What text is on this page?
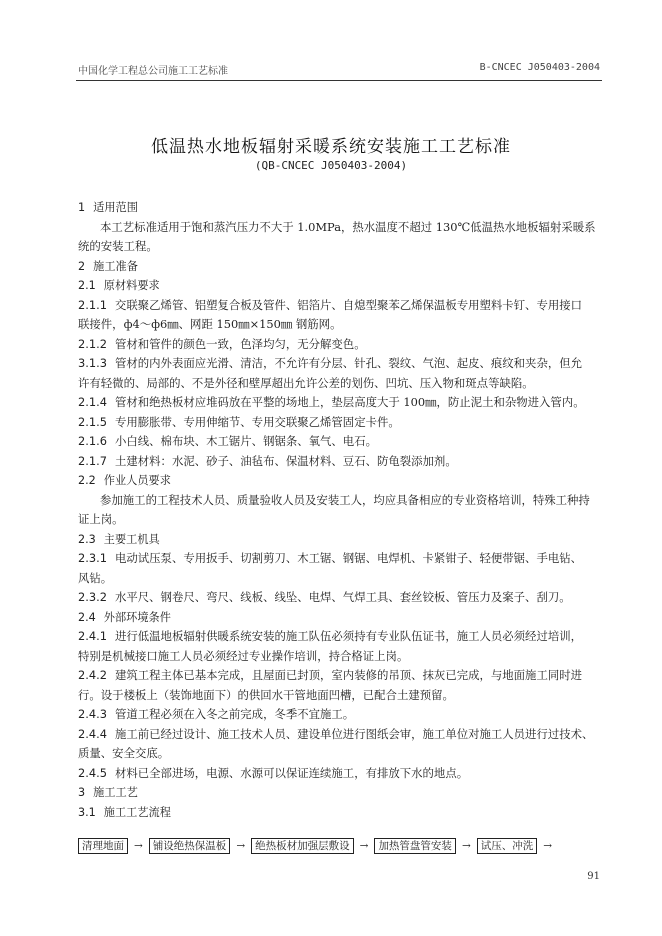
中国化学工程总公司施工工艺标准	B-CNCEC J050403-2004
低温热水地板辐射采暖系统安装施工工艺标准
(QB-CNCEC J050403-2004)
1 适用范围
本工艺标准适用于饱和蒸汽压力不大于 1.0MPa，热水温度不超过 130℃低温热水地板辐射采暖系
统的安装工程。
2 施工准备
2.1 原材料要求
2.1.1 交联聚乙烯管、铝塑复合板及管件、铝箔片、自熄型聚苯乙烯保温板专用塑料卡钉、专用接口
联接件，ф4～ф6㎜、网距 150㎜×150㎜ 钢筋网。
2.1.2 管材和管件的颜色一致，色泽均匀，无分解变色。
3.1.3 管材的内外表面应光滑、清洁，不允许有分层、针孔、裂纹、气泡、起皮、痕纹和夹杂，但允
许有轻微的、局部的、不是外径和壁厚超出允许公差的划伤、凹坑、压入物和斑点等缺陷。
2.1.4 管材和绝热板材应堆码放在平整的场地上，垫层高度大于 100㎜，防止泥土和杂物进入管内。
2.1.5 专用膨胀带、专用伸缩节、专用交联聚乙烯管固定卡件。
2.1.6 小白线、棉布块、木工锯片、钢锯条、氧气、电石。
2.1.7 土建材料：水泥、砂子、油毡布、保温材料、豆石、防龟裂添加剂。
2.2 作业人员要求
参加施工的工程技术人员、质量验收人员及安装工人，均应具备相应的专业资格培训，特殊工种持
证上岗。
2.3 主要工机具
2.3.1 电动试压泵、专用扳手、切割剪刀、木工锯、钢锯、电焊机、卡紧钳子、轻便带锯、手电钻、
风钻。
2.3.2 水平尺、钢卷尺、弯尺、线板、线坠、电焊、气焊工具、套丝铰板、管压力及案子、刮刀。
2.4 外部环境条件
2.4.1 进行低温地板辐射供暖系统安装的施工队伍必须持有专业队伍证书，施工人员必须经过培训，
特别是机械接口施工人员必须经过专业操作培训，持合格证上岗。
2.4.2 建筑工程主体已基本完成，且屋面已封顶，室内装修的吊顶、抹灰已完成，与地面施工同时进
行。设于楼板上（装饰地面下）的供回水干管地面凹槽，已配合土建预留。
2.4.3 管道工程必须在入冬之前完成，冬季不宜施工。
2.4.4 施工前已经过设计、施工技术人员、建设单位进行图纸会审，施工单位对施工人员进行过技术、
质量、安全交底。
2.4.5 材料已全部进场，电源、水源可以保证连续施工，有排放下水的地点。
3 施工工艺
3.1 施工工艺流程
清理地面 → 铺设绝热保温板 → 绝热板材加强层敷设 → 加热管盘管安装 → 试压、冲洗 →
91
